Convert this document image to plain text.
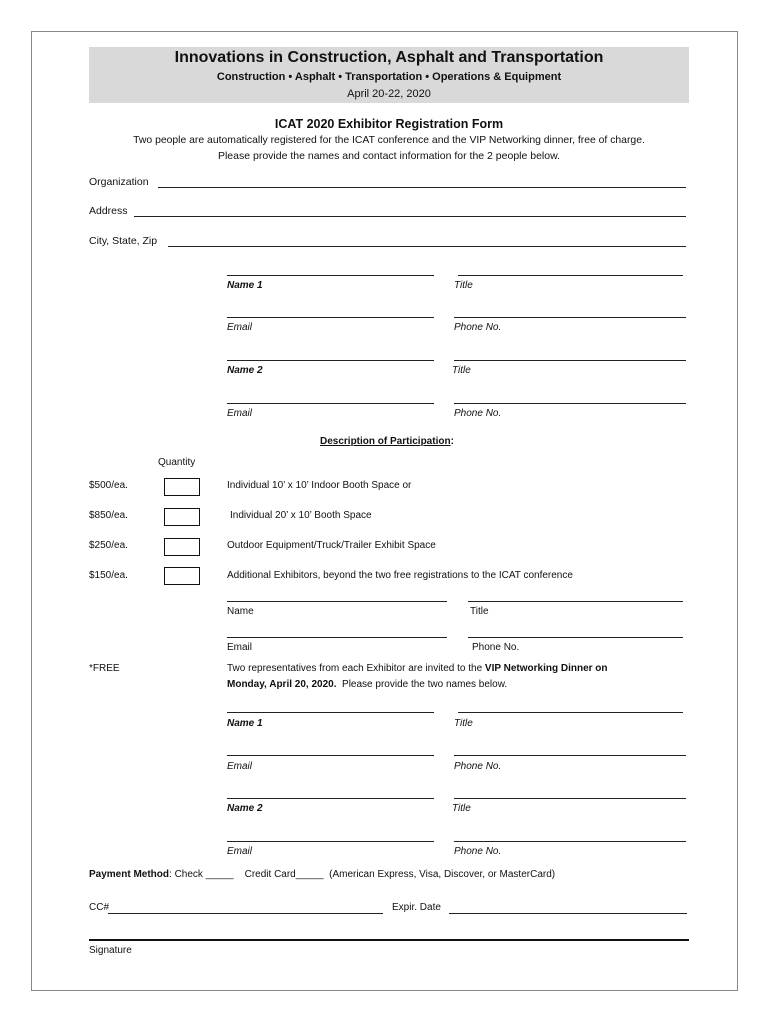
Innovations in Construction, Asphalt and Transportation
Construction • Asphalt • Transportation • Operations & Equipment
April 20-22, 2020
ICAT 2020 Exhibitor Registration Form
Two people are automatically registered for the ICAT conference and the VIP Networking dinner, free of charge.
Please provide the names and contact information for the 2 people below.
Organization
Address
City, State, Zip
Name 1	Title
Email	Phone No.
Name 2	Title
Email	Phone No.
Description of Participation:
Quantity
$500/ea.	Individual 10’ x 10’ Indoor Booth Space or
$850/ea.	Individual 20’ x 10’ Booth Space
$250/ea.	Outdoor Equipment/Truck/Trailer Exhibit Space
$150/ea.	Additional Exhibitors, beyond the two free registrations to the ICAT conference
Name	Title
Email	Phone No.
*FREE	Two representatives from each Exhibitor are invited to the VIP Networking Dinner on
Monday, April 20, 2020.  Please provide the two names below.
Name 1	Title
Email	Phone No.
Name 2	Title
Email	Phone No.
Payment Method: Check _____    Credit Card_____  (American Express, Visa, Discover, or MasterCard)
CC#	Expir. Date
Signature
